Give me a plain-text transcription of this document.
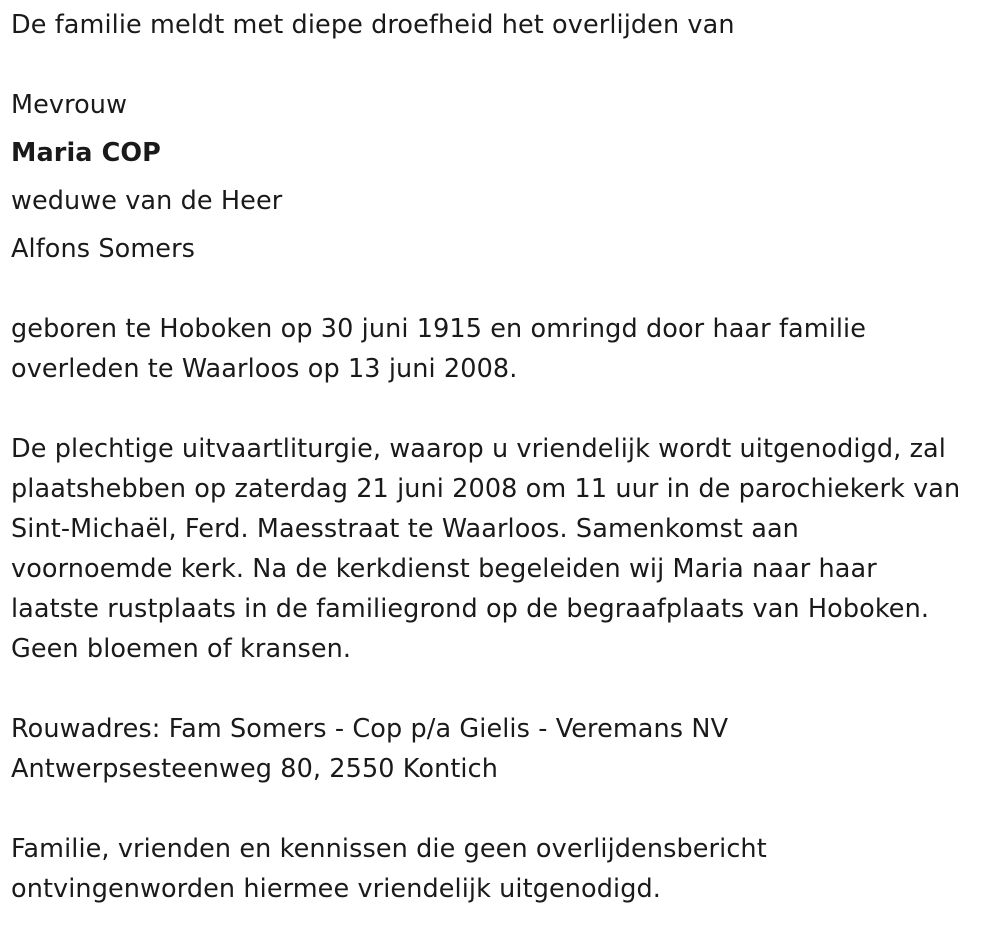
De familie meldt met diepe droefheid het overlijden van
Mevrouw
Maria COP
weduwe van de Heer
Alfons Somers
geboren te Hoboken op 30 juni 1915 en omringd door haar familie
overleden te Waarloos op 13 juni 2008.
De plechtige uitvaartliturgie, waarop u vriendelijk wordt uitgenodigd, zal
plaatshebben op zaterdag 21 juni 2008 om 11 uur in de parochiekerk van
Sint-Michaël, Ferd. Maesstraat te Waarloos. Samenkomst aan
voornoemde kerk. Na de kerkdienst begeleiden wij Maria naar haar
laatste rustplaats in de familiegrond op de begraafplaats van Hoboken.
Geen bloemen of kransen.
Rouwadres: Fam Somers - Cop p/a Gielis - Veremans NV
Antwerpsesteenweg 80, 2550 Kontich
Familie, vrienden en kennissen die geen overlijdensbericht
ontvingenworden hiermee vriendelijk uitgenodigd.
